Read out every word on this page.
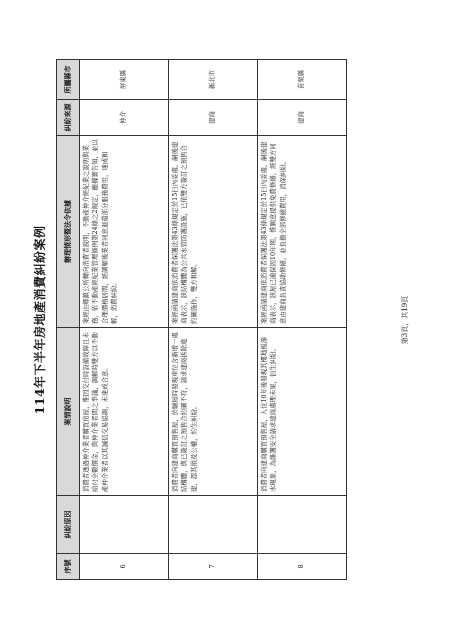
114年下半年房地產消費糾紛案例
序號	糾紛原因	案情說明	辦理情形暨法令依據	糾紛來源	所屬縣市
6		消費者透過仲介業者購買房屋，惟因交付時設備故障且未給付全數價金，與仲介業者間之爭議，調解時雙方以不動產仲介業者以其誠信交易協調，未達成合意。	案經由鄉鎮公所轉向消費者說明，不動產仲介經紀業之說明與業務，依不動產經紀業管理條例第24條之2規定，應據實告知，並以合理價格居間，經調解後業者同意退還部分服務費用，達成和解，消費糾紛。	仲介	屏東縣
7		消費者向建商購買預售屋，於驗屋時發現車位含新增一處結構體，與已簽訂之預售合約圖不符，請求建商拆除違建，認其損及公權，約生糾紛。	案經函請建商依消費者保護法第43條規定於15日內妥處，嗣後建商表示，該結構體為公共水管防護設施，已依雙方簽訂之預售合約圖施作，雙方和解。	建商	新北市
8		消費者向建商購買預售屋，入住10年後發現其樓地板滲水現象，為維護安全請求建商處理未果，衍生糾紛。	案經函請建商依消費者保護法第43條規定於15日內妥處，嗣後建商表示，該屋已逾保固10年期，惟願意提供免費修繕，經雙方同意由建商負責協助修繕，並負擔全部修繕費用，消保糾紛。	建商	苗栗縣
第3頁，共19頁
